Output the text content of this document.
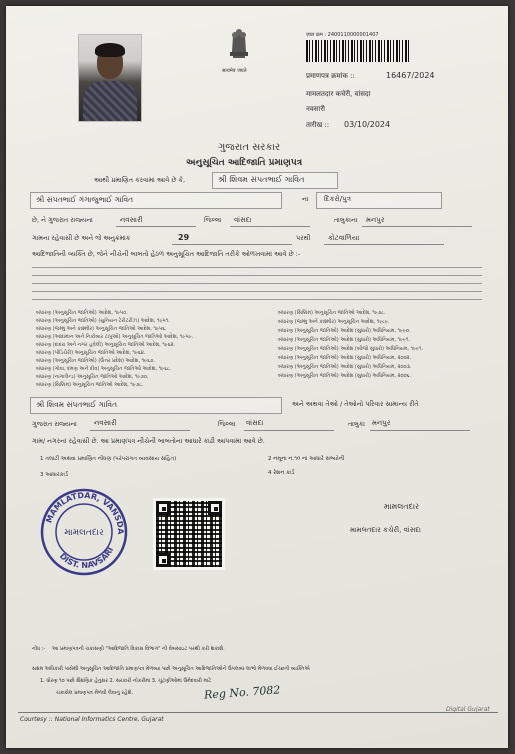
सत्यमेव जयते
ज़ाल क्रम : 2400110000001407
प्रमाणपत्र क्रमांक ::	16467/2024
मामलतदार कचेरी, वांसदा
नवसारी
तारीख :: 03/10/2024
ગુજરાત સરકાર
અનુસૂચિત આદિજાતિ પ્રમાણપત્ર
આથી પ્રમાણિત કરવામાં આવે છે કે,	શ્રી શિવમ સંપતભાઈ ગાવિત
શ્રી સંપતભાઈ ગંગાજુભાઈ ગાવિત	ના દિકરો/પુત્ર
છે, ને ગુજરાત રાજ્યના	નવસારી	જિલ્લા વાંસદા	તાલુકાના મનપુર
ગામના રહેવાસી છે અને જે અનુક્રમાંક	29	પરથી	કોટવાળિયા
આદિજાતિની વ્યક્તિ છે, જેને નીચેની બાબતો હેઠળ અનુસૂચિત આદિજાતિ તરીકે ઓળખવામાં આવે છે :-
બંધારણ (અનુસૂચિત જાતિઓ) આદેશ, ૧૯૫૦.
બંધારણ (અનુસૂચિત જાતિઓ) (યુનિયન ટેરીટરીઝ) આદેશ, ૧૯૫૧.
બંધારણ (જમ્મુ અને કાશ્મીર) અનુસૂચિત જાતિઓ આદેશ, ૧૯૫૬.
બંધારણ (આંદામાન અને નિકોબાર ટાપુઓ) અનુસૂચિત જાતિઓ આદેશ, ૧૯૫૯.
બંધારણ (દાદરા અને નગર હવેલી) અનુસૂચિત જાતિઓ આદેશ, ૧૯૬૨.
બંધારણ (પોંડિચેરી) અનુસૂચિત જાતિઓ આદેશ, ૧૯૬૪.
બંધારણ (અનુસૂચિત જાતિઓ) (ઉત્તર પ્રદેશ) આદેશ, ૧૯૬૭.
બંધારણ (ગોવા, દમણ અને દીવ) અનુસૂચિત જાતિઓ આદેશ, ૧૯૬૮.
બંધારણ (નાગાલેન્ડ) અનુસૂચિત જાતિઓ આદેશ, ૧૯૭૦.
બંધારણ (સિક્કિમ) અનુસૂચિત જાતિઓ આદેશ, ૧૯૭૮.
બંધારણ (સિક્કિમ) અનુસૂચિત જાતિઓ આદેશ, ૧૯૭૮.
બંધારણ (જમ્મુ અને કાશ્મીર) અનુસૂચિત આદેશ, ૧૯૮૯.
બંધારણ (અનુસૂચિત જાતિઓ) આદેશ (સુધારો) અધિનિયમ, ૧૯૯૦.
બંધારણ (અનુસૂચિત જાતિઓ) આદેશ (સુધારો) અધિનિયમ, ૧૯૯૧.
બંધારણ (અનુસૂચિત જાતિઓ) આદેશ (બીજો સુધારો) અધિનિયમ, ૧૯૯૧.
બંધારણ (અનુસૂચિત જાતિઓ) આદેશ (સુધારો) અધિનિયમ, ૨૦૦૨.
બંધારણ (અનુસૂચિત જાતિઓ) આદેશ (સુધારો) અધિનિયમ, ૨૦૦૩.
બંધારણ (અનુસૂચિત જાતિઓ) આદેશ (સુધારો) અધિનિયમ, ૨૦૦૬.
શ્રી શિવમ સંપતભાઈ ગાવિત	અને અથવા તેઓ / તેઓનો પરિવાર સામાન્ય રીતે
ગુજરાત રાજ્યના નવસારી	જિલ્લા વાંસદા	તાલુકા મનપુર
ગામ/ નગરનાં રહેવાસી છે. આ પ્રમાણપત્ર નીચેની બાબતોના આધારે કાઢી આપવામાં આવે છે.
1 તલાટી અથવા પ્રમાણિત નોંધણ (પરંપરાગત વ્યવસાય સહિત)	2 નમૂના ન.૧૦ ના આધારે સભ્યોની
3 આધારકાર્ડ	4 રેશન કાર્ડ
MAMLATDAR, VANSDA
DIST. NAVSARI
મામલતદાર
મામલતદાર
મામલતદાર કચેરી, વાંસદા
નોંધ :- આ પ્રમાણપત્રની ચકાસણી "આદિજાતિ વિકાસ વિભાગ" ની વેબસાઇટ પરથી કરી શકાશે.
સક્ષમ અધિકારી પાસેથી અનુસૂચિત આદિજાતિ પ્રમાણપત્ર મેળવ્યા પછી અનુસૂચિત આદિજાતિઓને ઉપલબ્ધ લાભો મેળવવા ઈચ્છતી વ્યક્તિએ
1. ધોરણ ૧૦ પછી શૈક્ષણિક હેતુસર 2. સરકારી નોકરીમાં 3. ચૂંટણીઓમાં ઉમેદવારી માટે
ચકાસેલ પ્રમાણપત્ર મેળવી લેવાનું રહેશે.	Reg No. 7082
Courtesy :: National Informatics Centre, Gujarat
Digital Gujarat
